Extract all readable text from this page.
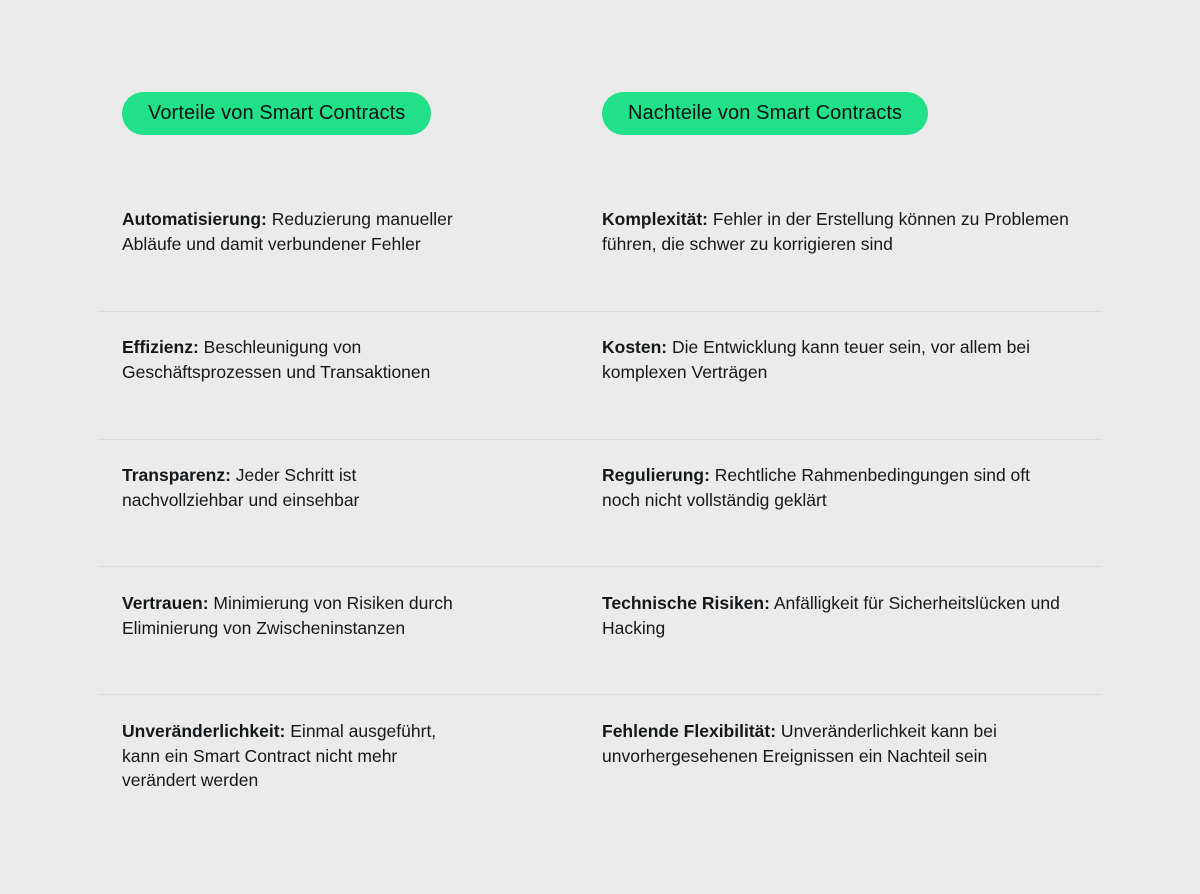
Vorteile von Smart Contracts
Automatisierung: Reduzierung manueller Abläufe und damit verbundener Fehler
Effizienz: Beschleunigung von Geschäftsprozessen und Transaktionen
Transparenz: Jeder Schritt ist nachvollziehbar und einsehbar
Vertrauen: Minimierung von Risiken durch Eliminierung von Zwischeninstanzen
Unveränderlichkeit: Einmal ausgeführt, kann ein Smart Contract nicht mehr verändert werden
Nachteile von Smart Contracts
Komplexität: Fehler in der Erstellung können zu Problemen führen, die schwer zu korrigieren sind
Kosten: Die Entwicklung kann teuer sein, vor allem bei komplexen Verträgen
Regulierung: Rechtliche Rahmenbedingungen sind oft noch nicht vollständig geklärt
Technische Risiken: Anfälligkeit für Sicherheitslücken und Hacking
Fehlende Flexibilität: Unveränderlichkeit kann bei unvorhergesehenen Ereignissen ein Nachteil sein
